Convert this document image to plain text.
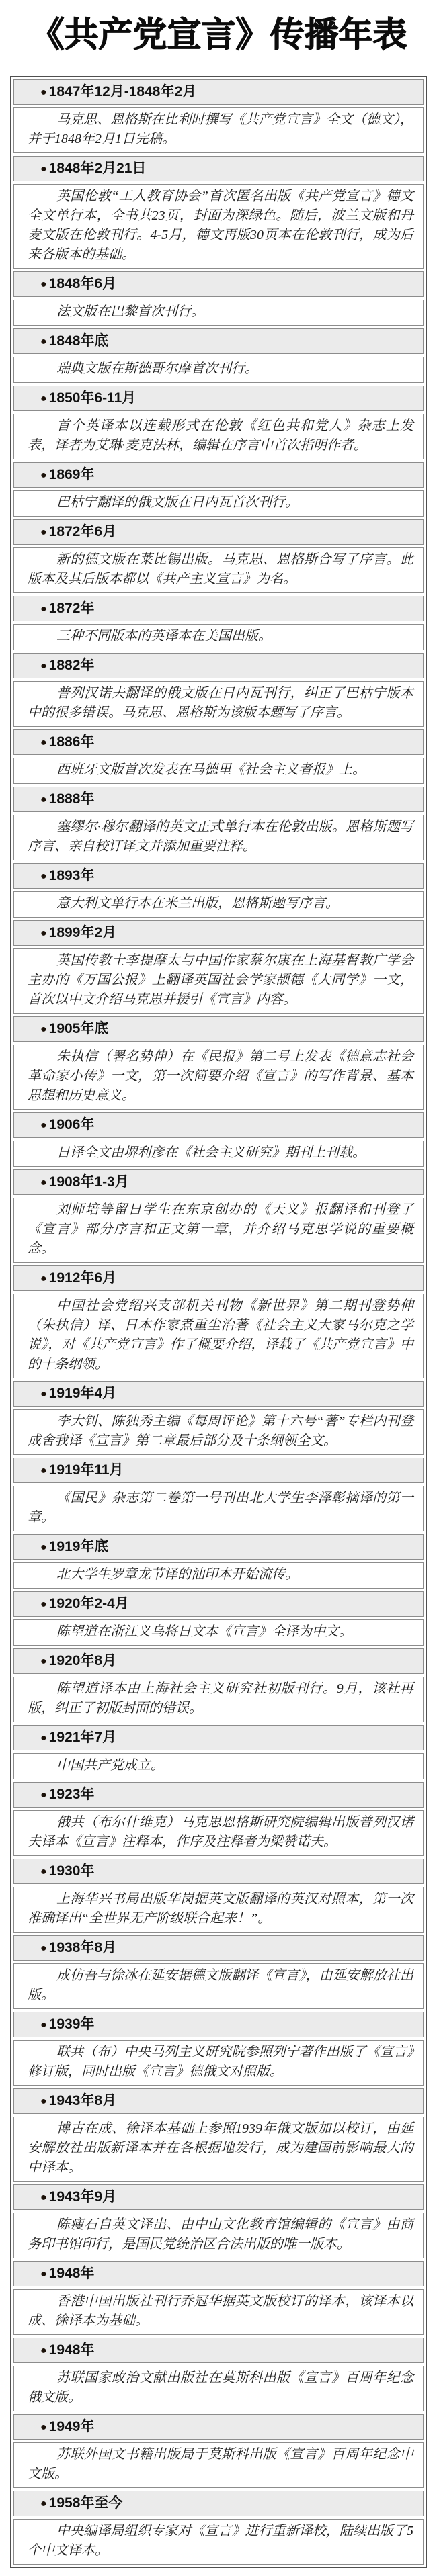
《共产党宣言》传播年表
● 1847年12月-1848年2月
马克思、恩格斯在比利时撰写《共产党宣言》全文（德文），并于1848年2月1日完稿。
● 1848年2月21日
英国伦敦“工人教育协会”首次匿名出版《共产党宣言》德文全文单行本，全书共23页，封面为深绿色。随后，波兰文版和丹麦文版在伦敦刊行。4-5月，德文再版30页本在伦敦刊行，成为后来各版本的基础。
● 1848年6月
法文版在巴黎首次刊行。
● 1848年底
瑞典文版在斯德哥尔摩首次刊行。
● 1850年6-11月
首个英译本以连载形式在伦敦《红色共和党人》杂志上发表，译者为艾琳·麦克法林，编辑在序言中首次指明作者。
● 1869年
巴枯宁翻译的俄文版在日内瓦首次刊行。
● 1872年6月
新的德文版在莱比锡出版。马克思、恩格斯合写了序言。此版本及其后版本都以《共产主义宣言》为名。
● 1872年
三种不同版本的英译本在美国出版。
● 1882年
普列汉诺夫翻译的俄文版在日内瓦刊行，纠正了巴枯宁版本中的很多错误。马克思、恩格斯为该版本题写了序言。
● 1886年
西班牙文版首次发表在马德里《社会主义者报》上。
● 1888年
塞缪尔·穆尔翻译的英文正式单行本在伦敦出版。恩格斯题写序言、亲自校订译文并添加重要注释。
● 1893年
意大利文单行本在米兰出版，恩格斯题写序言。
● 1899年2月
英国传教士李提摩太与中国作家蔡尔康在上海基督教广学会主办的《万国公报》上翻译英国社会学家颉德《大同学》一文，首次以中文介绍马克思并援引《宣言》内容。
● 1905年底
朱执信（署名势伸）在《民报》第二号上发表《德意志社会革命家小传》一文，第一次简要介绍《宣言》的写作背景、基本思想和历史意义。
● 1906年
日译全文由堺利彦在《社会主义研究》期刊上刊载。
● 1908年1-3月
刘师培等留日学生在东京创办的《天义》报翻译和刊登了《宣言》部分序言和正文第一章，并介绍马克思学说的重要概念。
● 1912年6月
中国社会党绍兴支部机关刊物《新世界》第二期刊登势伸（朱执信）译、日本作家煮重尘治著《社会主义大家马尔克之学说》，对《共产党宣言》作了概要介绍，译载了《共产党宣言》中的十条纲领。
● 1919年4月
李大钊、陈独秀主编《每周评论》第十六号“著”专栏内刊登成舍我译《宣言》第二章最后部分及十条纲领全文。
● 1919年11月
《国民》杂志第二卷第一号刊出北大学生李泽彰摘译的第一章。
● 1919年底
北大学生罗章龙节译的油印本开始流传。
● 1920年2-4月
陈望道在浙江义乌将日文本《宣言》全译为中文。
● 1920年8月
陈望道译本由上海社会主义研究社初版刊行。9月，该社再版，纠正了初版封面的错误。
● 1921年7月
中国共产党成立。
● 1923年
俄共（布尔什维克）马克思恩格斯研究院编辑出版普列汉诺夫译本《宣言》注释本，作序及注释者为梁赞诺夫。
● 1930年
上海华兴书局出版华岗据英文版翻译的英汉对照本，第一次准确译出“全世界无产阶级联合起来！”。
● 1938年8月
成仿吾与徐冰在延安据德文版翻译《宣言》，由延安解放社出版。
● 1939年
联共（布）中央马列主义研究院参照列宁著作出版了《宣言》修订版，同时出版《宣言》德俄文对照版。
● 1943年8月
博古在成、徐译本基础上参照1939年俄文版加以校订，由延安解放社出版新译本并在各根据地发行，成为建国前影响最大的中译本。
● 1943年9月
陈瘦石自英文译出、由中山文化教育馆编辑的《宣言》由商务印书馆印行，是国民党统治区合法出版的唯一版本。
● 1948年
香港中国出版社刊行乔冠华据英文版校订的译本，该译本以成、徐译本为基础。
● 1948年
苏联国家政治文献出版社在莫斯科出版《宣言》百周年纪念俄文版。
● 1949年
苏联外国文书籍出版局于莫斯科出版《宣言》百周年纪念中文版。
● 1958年至今
中央编译局组织专家对《宣言》进行重新译校，陆续出版了5个中文译本。
